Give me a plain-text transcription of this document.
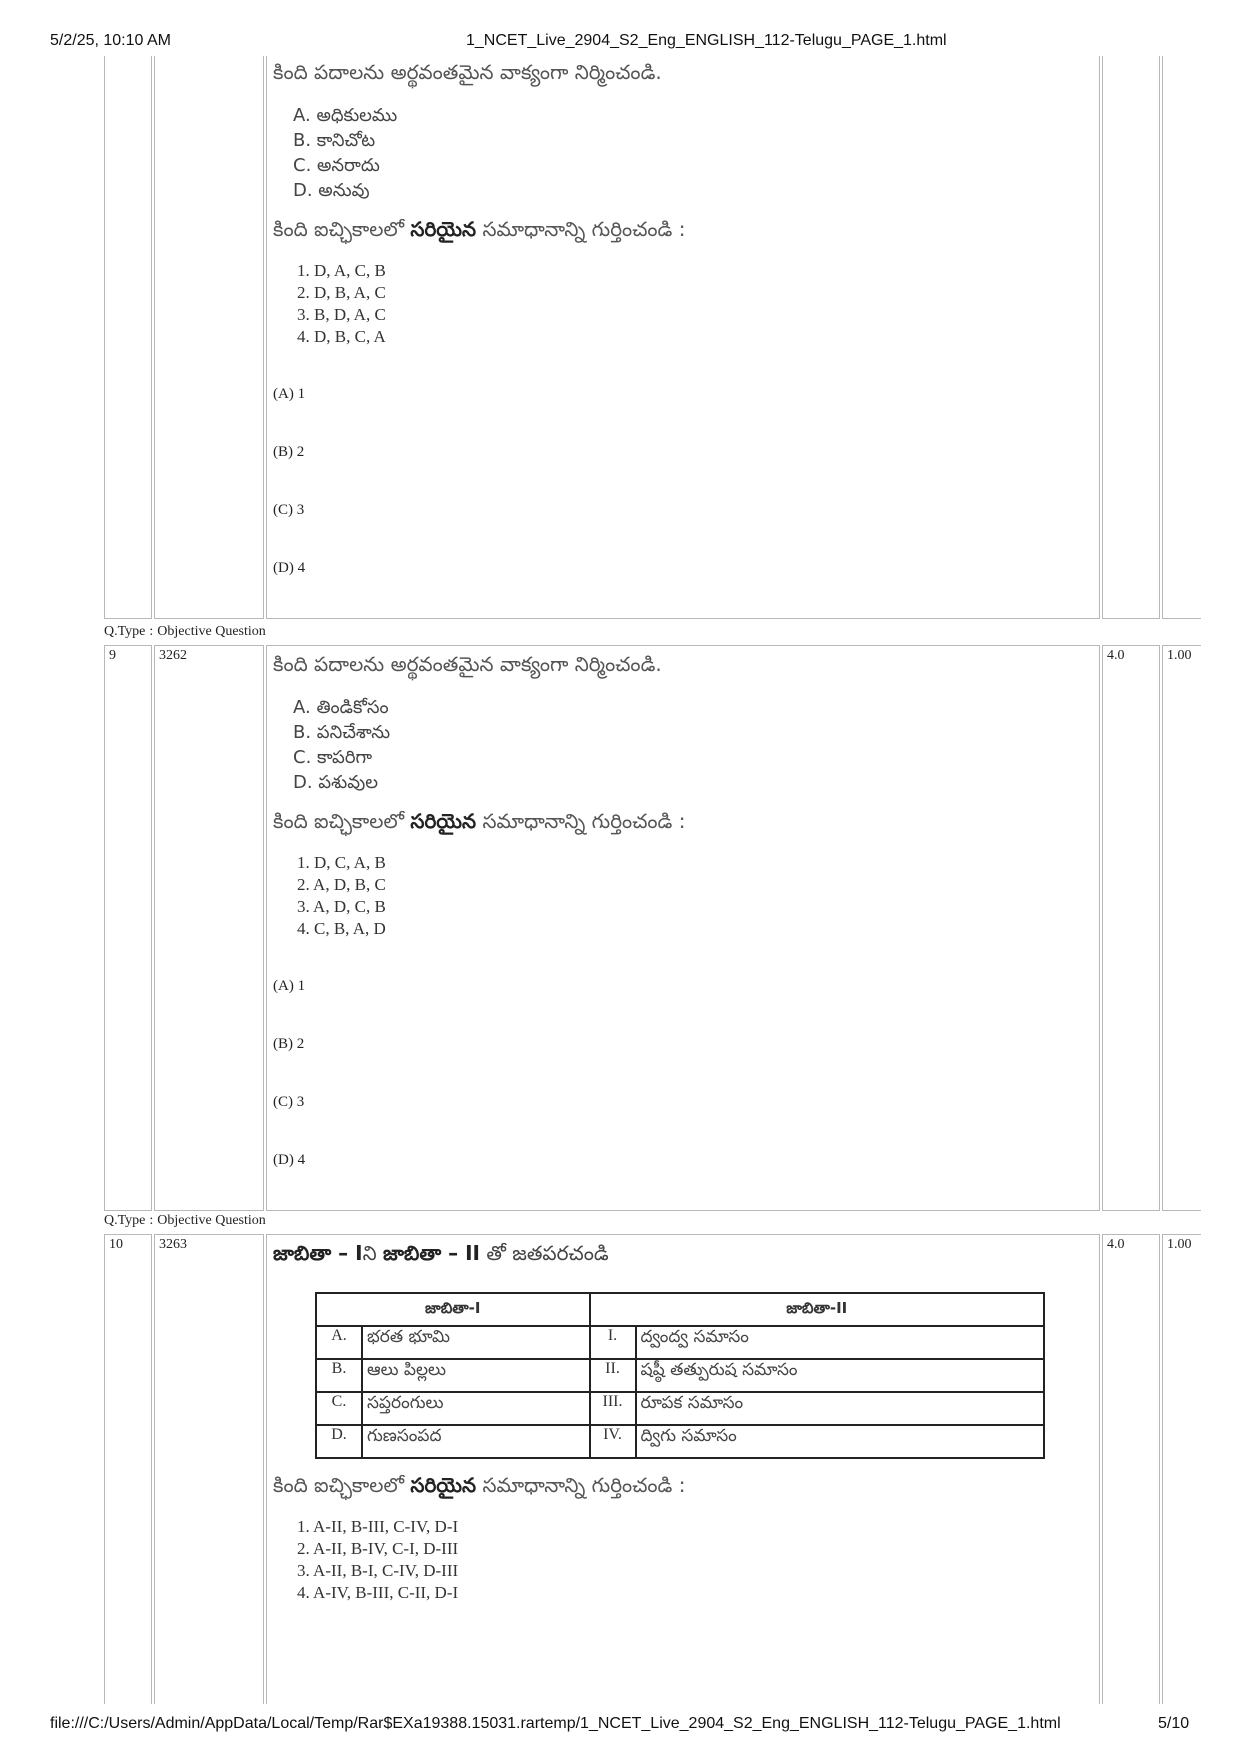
5/2/25, 10:10 AM	1_NCET_Live_2904_S2_Eng_ENGLISH_112-Telugu_PAGE_1.html

కింది పదాలను అర్థవంతమైన వాక్యంగా నిర్మించండి.
A. అధికులము
B. కానిచోట
C. అనరాదు
D. అనువు
కింది ఐచ్ఛికాలలో సరియైన సమాధానాన్ని గుర్తించండి :
1. D, A, C, B
2. D, B, A, C
3. B, D, A, C
4. D, B, C, A

(A) 1

(B) 2

(C) 3

(D) 4

Q.Type : Objective Question
9	3262	కింది పదాలను అర్థవంతమైన వాక్యంగా నిర్మించండి.
A. తిండికోసం
B. పనిచేశాను
C. కాపరిగా
D. పశువుల
కింది ఐచ్ఛికాలలో సరియైన సమాధానాన్ని గుర్తించండి :
1. D, C, A, B
2. A, D, B, C
3. A, D, C, B
4. C, B, A, D

(A) 1

(B) 2

(C) 3

(D) 4

	4.0	1.00
Q.Type : Objective Question
10	3263	జాబితా – Iని జాబితా – II తో జతపరచండి
జాబితా-I	జాబితా-II
A.	భరత భూమి	I.	ద్వంద్వ సమాసం
B.	ఆలు పిల్లలు	II.	షష్ఠీ తత్పురుష సమాసం
C.	సప్తరంగులు	III.	రూపక సమాసం
D.	గుణసంపద	IV.	ద్విగు సమాసం
కింది ఐచ్ఛికాలలో సరియైన సమాధానాన్ని గుర్తించండి :
1. A-II, B-III, C-IV, D-I
2. A-II, B-IV, C-I, D-III
3. A-II, B-I, C-IV, D-III
4. A-IV, B-III, C-II, D-I
	4.0	1.00
file:///C:/Users/Admin/AppData/Local/Temp/Rar$EXa19388.15031.rartemp/1_NCET_Live_2904_S2_Eng_ENGLISH_112-Telugu_PAGE_1.html	5/10
